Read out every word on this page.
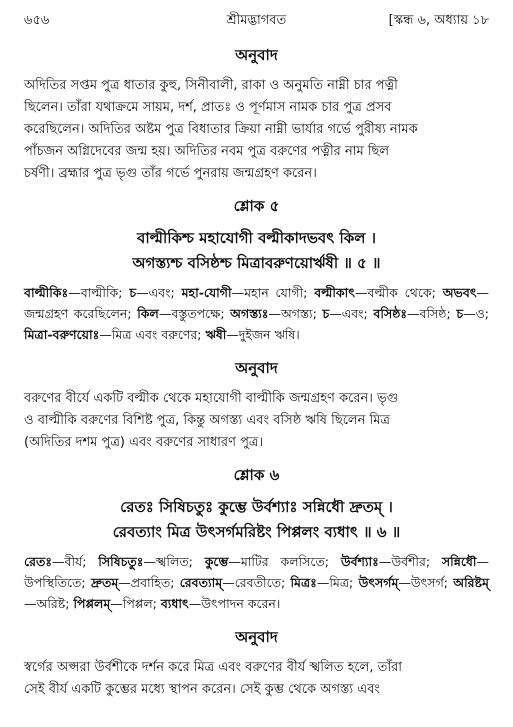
৬৫৬	শ্রীমদ্ভাগবত	[স্কন্ধ ৬, অধ্যায় ১৮
অনুবাদ
অদিতির সপ্তম পুত্র ধাতার কুহু, সিনীবালী, রাকা ও অনুমতি নাম্নী চার পত্নী
ছিলেন। তাঁরা যথাক্রমে সায়ম, দর্শ, প্রাতঃ ও পূর্ণমাস নামক চার পুত্র প্রসব
করেছিলেন। অদিতির অষ্টম পুত্র বিধাতার ক্রিয়া নাম্নী ভার্যার গর্ভে পুরীষ্য নামক
পাঁচজন অগ্নিদেবের জন্ম হয়। অদিতির নবম পুত্র বরুণের পত্নীর নাম ছিল
চর্ষণী। ব্রহ্মার পুত্র ভৃগু তাঁর গর্ভে পুনরায় জন্মগ্রহণ করেন।
শ্লোক ৫
বাল্মীকিশ্চ মহাযোগী বল্মীকাদভবৎ কিল ।
অগস্ত্যশ্চ বসিষ্ঠশ্চ মিত্রাবরুণয়োর্ঋষী ॥ ৫ ॥
বাল্মীকিঃ—বাল্মীকি; চ—এবং; মহা-যোগী—মহান যোগী; বল্মীকাৎ—বল্মীক থেকে; অভবৎ—জন্মগ্রহণ করেছিলেন; কিল—বস্তুতপক্ষে; অগস্ত্যঃ—অগস্ত্য; চ—এবং; বসিষ্ঠঃ—বসিষ্ঠ; চ—ও; মিত্রা-বরুণয়োঃ—মিত্র এবং বরুণের; ঋষী—দুইজন ঋষি।
অনুবাদ
বরুণের বীর্যে একটি বল্মীক থেকে মহাযোগী বাল্মীকি জন্মগ্রহণ করেন। ভৃগু
ও বাল্মীকি বরুণের বিশিষ্ট পুত্র, কিন্তু অগস্ত্য এবং বসিষ্ঠ ঋষি ছিলেন মিত্র
(অদিতির দশম পুত্র) এবং বরুণের সাধারণ পুত্র।
শ্লোক ৬
রেতঃ সিষিচতুঃ কুম্ভে উর্বশ্যাঃ সন্নিধৌ দ্রুতম্ ।
রেবত্যাং মিত্র উৎসর্গমরিষ্টং পিপ্পলং ব্যধাৎ ॥ ৬ ॥
রেতঃ—বীর্য; সিষিচতুঃ—স্খলিত; কুম্ভে—মাটির কলসিতে; উর্বশ্যাঃ—উর্বশীর; সন্নিধৌ—উপস্থিতিতে; দ্রুতম্—প্রবাহিত; রেবত্যাম্—রেবতীতে; মিত্রঃ—মিত্র; উৎসর্গম্—উৎসর্গ; অরিষ্টম্—অরিষ্ট; পিপ্পলম্—পিপ্পল; ব্যধাৎ—উৎপাদন করেন।
অনুবাদ
স্বর্গের অপ্সরা উর্বশীকে দর্শন করে মিত্র এবং বরুণের বীর্য স্খলিত হলে, তাঁরা
সেই বীর্য একটি কুম্ভের মধ্যে স্থাপন করেন। সেই কুম্ভ থেকে অগস্ত্য এবং
